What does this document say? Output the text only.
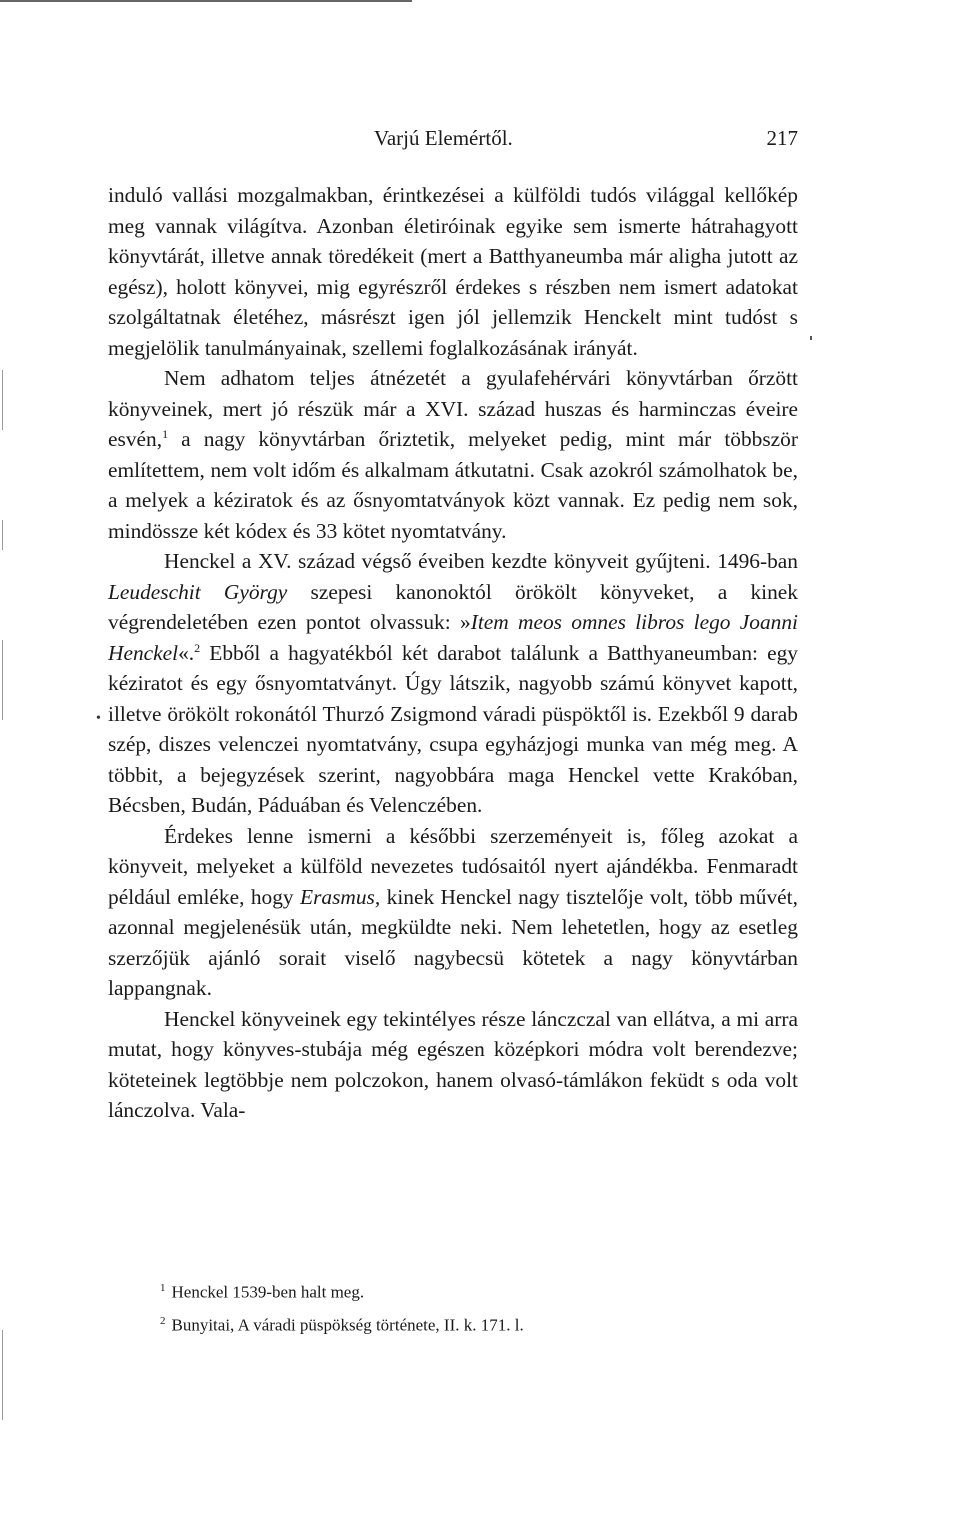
Varjú Elemértől.	217
•

induló vallási mozgalmakban, érintkezései a külföldi tudós világgal kellőkép meg vannak világítva. Azonban életiróinak egyike sem ismerte hátrahagyott könyvtárát, illetve annak töredékeit (mert a Batthyaneumba már aligha jutott az egész), holott könyvei, mig egyrészről érdekes s részben nem ismert adatokat szolgáltatnak életéhez, másrészt igen jól jellemzik Henckelt mint tudóst s megjelölik tanulmányainak, szellemi foglalkozásának irányát.

Nem adhatom teljes átnézetét a gyulafehérvári könyvtárban őrzött könyveinek, mert jó részük már a XVI. század huszas és harminczas éveire esvén,$^1$ a nagy könyvtárban őriztetik, melyeket pedig, mint már többször említettem, nem volt időm és alkalmam átkutatni. Csak azokról számolhatok be, a melyek a kéziratok és az ősnyomtatványok közt vannak. Ez pedig nem sok, mindössze két kódex és 33 kötet nyomtatvány.

Henckel a XV. század végső éveiben kezdte könyveit gyűjteni. 1496-ban Leudeschit György szepesi kanonoktól örökölt könyveket, a kinek végrendeletében ezen pontot olvassuk: »Item meos omnes libros lego Joanni Henckel«.$^2$ Ebből a hagyatékból két darabot találunk a Batthyaneumban: egy kéziratot és egy ősnyomtatványt. Úgy látszik, nagyobb számú könyvet kapott, illetve örökölt rokonától Thurzó Zsigmond váradi püspöktől is. Ezekből 9 darab szép, diszes velenczei nyomtatvány, csupa egyházjogi munka van még meg. A többit, a bejegyzések szerint, nagyobbára maga Henckel vette Krakóban, Bécsben, Budán, Páduában és Velenczében.

Érdekes lenne ismerni a későbbi szerzeményeit is, főleg azokat a könyveit, melyeket a külföld nevezetes tudósaitól nyert ajándékba. Fenmaradt például emléke, hogy Erasmus, kinek Henckel nagy tisztelője volt, több művét, azonnal megjelenésük után, megküldte neki. Nem lehetetlen, hogy az esetleg szerzőjük ajánló sorait viselő nagybecsü kötetek a nagy könyvtárban lappangnak.

Henckel könyveinek egy tekintélyes része lánczczal van ellátva, a mi arra mutat, hogy könyves-stubája még egészen középkori módra volt berendezve; köteteinek legtöbbje nem polczokon, hanem olvasó-támlákon feküdt s oda volt lánczolva. Vala-

$^1$ Henckel 1539-ben halt meg.
$^2$ Bunyitai, A váradi püspökség története, II. k. 171. l.
